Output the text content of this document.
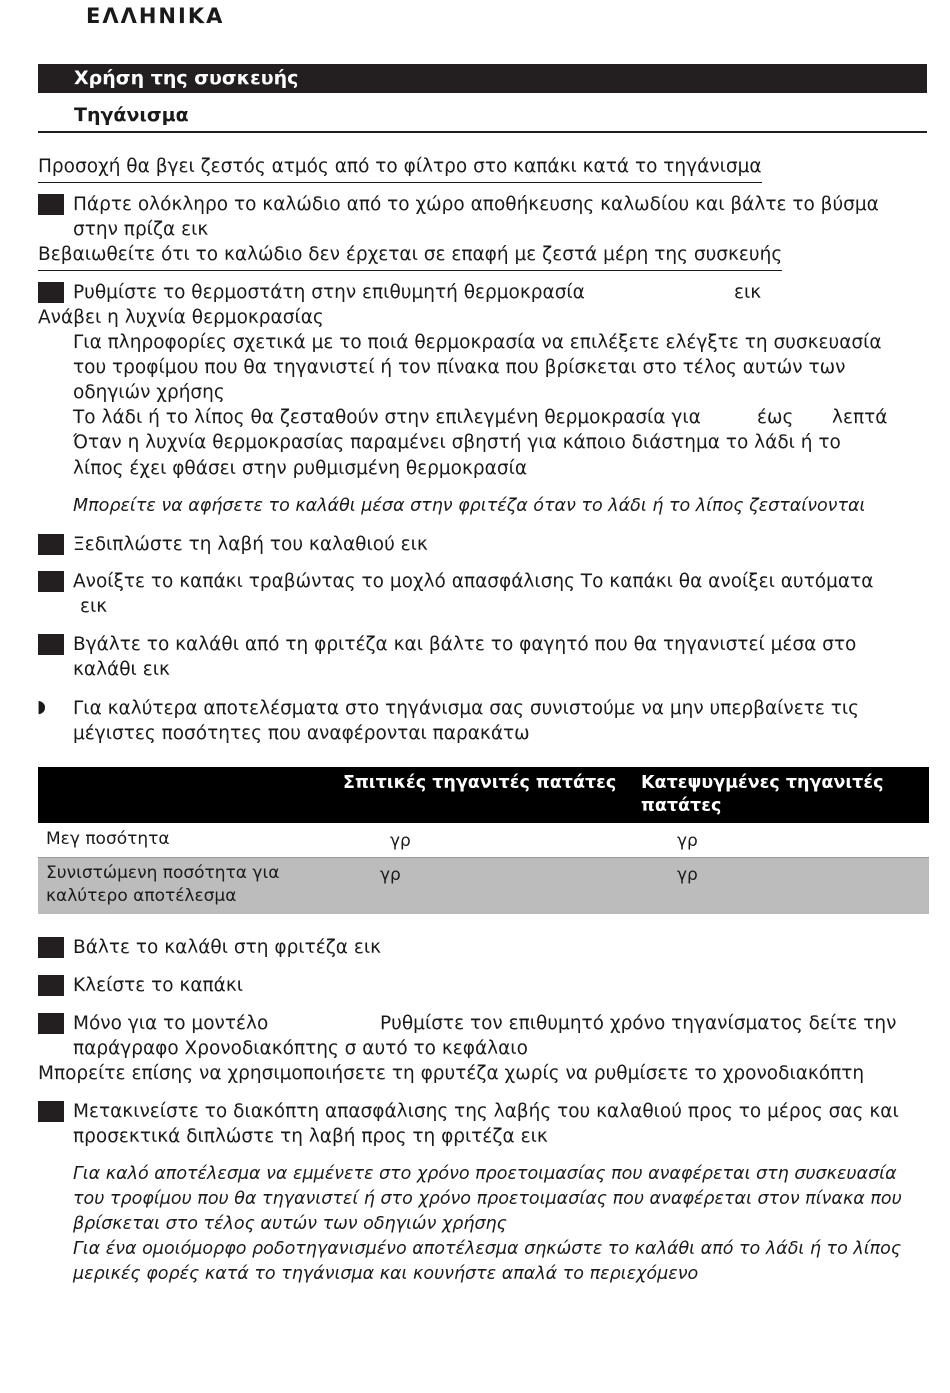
ΕΛΛΗΝΙΚΑ
Χρήση της συσκευής
Τηγάνισμα
Προσοχή θα βγει ζεστός ατμός από το φίλτρο στο καπάκι κατά το τηγάνισμα
Πάρτε ολόκληρο το καλώδιο από το χώρο αποθήκευσης καλωδίου και βάλτε το βύσμα
στην πρίζα εικ
Βεβαιωθείτε ότι το καλώδιο δεν έρχεται σε επαφή με ζεστά μέρη της συσκευής
Ρυθμίστε το θερμοστάτη στην επιθυμητή θερμοκρασία	εικ
Ανάβει η λυχνία θερμοκρασίας
Για πληροφορίες σχετικά με το ποιά θερμοκρασία να επιλέξετε ελέγξτε τη συσκευασία
του τροφίμου που θα τηγανιστεί ή τον πίνακα που βρίσκεται στο τέλος αυτών των
οδηγιών χρήσης
Το λάδι ή το λίπος θα ζεσταθούν στην επιλεγμένη θερμοκρασία για	έως λεπτά
Όταν η λυχνία θερμοκρασίας παραμένει σβηστή για κάποιο διάστημα το λάδι ή το
λίπος έχει φθάσει στην ρυθμισμένη θερμοκρασία
Μπορείτε να αφήσετε το καλάθι μέσα στην φριτέζα όταν το λάδι ή το λίπος ζεσταίνονται
Ξεδιπλώστε τη λαβή του καλαθιού εικ
Ανοίξτε το καπάκι τραβώντας το μοχλό απασφάλισης Το καπάκι θα ανοίξει αυτόματα
εικ
Βγάλτε το καλάθι από τη φριτέζα και βάλτε το φαγητό που θα τηγανιστεί μέσα στο
καλάθι εικ
◗ Για καλύτερα αποτελέσματα στο τηγάνισμα σας συνιστούμε να μην υπερβαίνετε τις
μέγιστες ποσότητες που αναφέρονται παρακάτω
Σπιτικές τηγανιτές πατάτες Κατεψυγμένες τηγανιτές
πατάτες
Μεγ ποσότητα	γρ	γρ
Συνιστώμενη ποσότητα για
καλύτερο αποτέλεσμα
γρ	γρ
Βάλτε το καλάθι στη φριτέζα εικ
Κλείστε το καπάκι
Μόνο για το μοντέλο	Ρυθμίστε τον επιθυμητό χρόνο τηγανίσματος δείτε την
παράγραφο Χρονοδιακόπτης σ αυτό το κεφάλαιο
Μπορείτε επίσης να χρησιμοποιήσετε τη φρυτέζα χωρίς να ρυθμίσετε το χρονοδιακόπτη
Μετακινείστε το διακόπτη απασφάλισης της λαβής του καλαθιού προς το μέρος σας και
προσεκτικά διπλώστε τη λαβή προς τη φριτέζα εικ
Για καλό αποτέλεσμα να εμμένετε στο χρόνο προετοιμασίας που αναφέρεται στη συσκευασία
του τροφίμου που θα τηγανιστεί ή στο χρόνο προετοιμασίας που αναφέρεται στον πίνακα που
βρίσκεται στο τέλος αυτών των οδηγιών χρήσης
Για ένα ομοιόμορφο ροδοτηγανισμένο αποτέλεσμα σηκώστε το καλάθι από το λάδι ή το λίπος
μερικές φορές κατά το τηγάνισμα και κουνήστε απαλά το περιεχόμενο
